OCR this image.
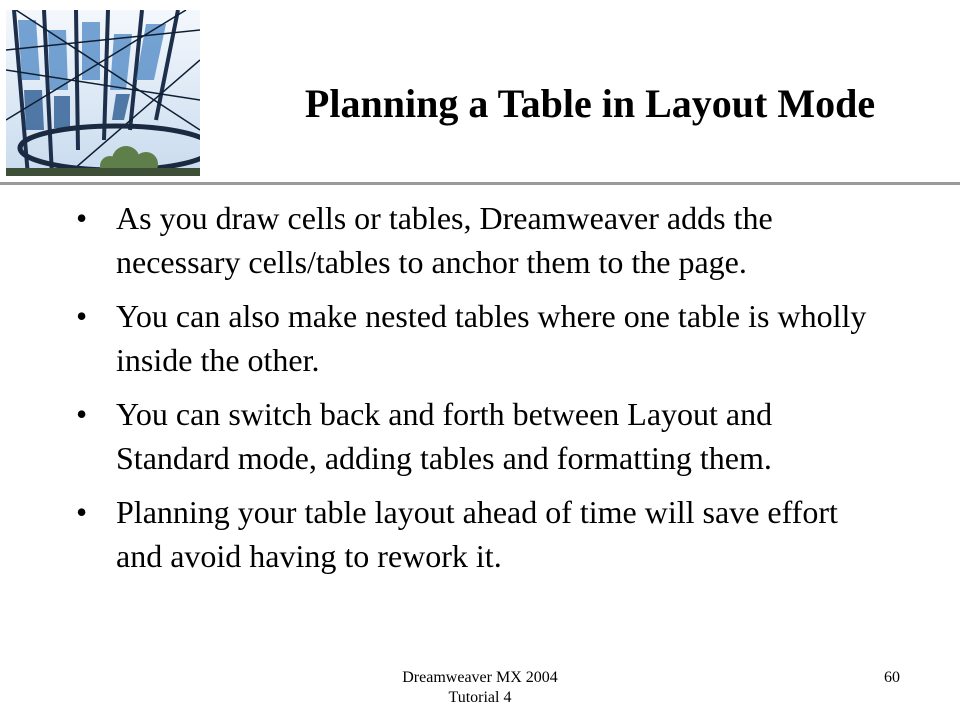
Planning a Table in Layout Mode
• As you draw cells or tables, Dreamweaver adds the necessary cells/tables to anchor them to the page.
• You can also make nested tables where one table is wholly inside the other.
• You can switch back and forth between Layout and Standard mode, adding tables and formatting them.
• Planning your table layout ahead of time will save effort and avoid having to rework it.
Dreamweaver MX 2004
Tutorial 4
60
